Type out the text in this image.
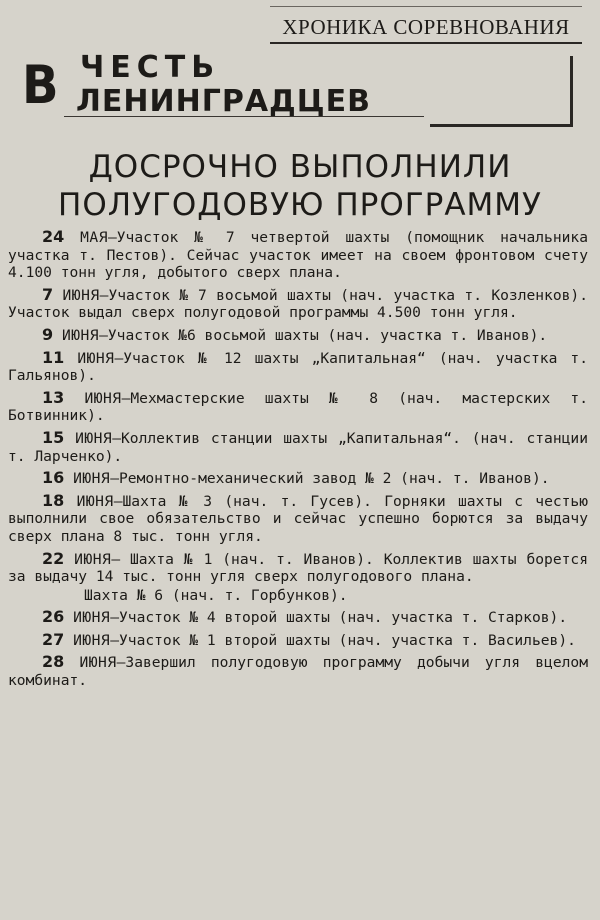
ХРОНИКА СОРЕВНОВАНИЯ
В ЧЕСТЬ
ЛЕНИНГРАДЦЕВ
ДОСРОЧНО ВЫПОЛНИЛИ
ПОЛУГОДОВУЮ ПРОГРАММУ

24 МАЯ—Участок № 7 четвертой шахты (помощник начальника участка т. Пестов). Сейчас участок имеет на своем фронтовом счету 4.100 тонн угля, добытого сверх плана.

7 ИЮНЯ—Участок № 7 восьмой шахты (нач. участка т. Козленков). Участок выдал сверх полугодовой программы 4.500 тонн угля.

9 ИЮНЯ—Участок №6 восьмой шахты (нач. участка т. Иванов).

11 ИЮНЯ—Участок № 12 шахты „Капитальная“ (нач. участка т. Гальянов).

13 ИЮНЯ—Мехмастерские шахты № 8 (нач. мастерских т. Ботвинник).

15 ИЮНЯ—Коллектив станции шахты „Капитальная“. (нач. станции т. Ларченко).

16 ИЮНЯ—Ремонтно-механический завод № 2 (нач. т. Иванов).

18 ИЮНЯ—Шахта № 3 (нач. т. Гусев). Горняки шахты с честью выполнили свое обязательство и сейчас успешно борются за выдачу сверх плана 8 тыс. тонн угля.

22 ИЮНЯ— Шахта № 1 (нач. т. Иванов). Коллектив шахты борется за выдачу 14 тыс. тонн угля сверх полугодового плана.

Шахта № 6 (нач. т. Горбунков).

26 ИЮНЯ—Участок № 4 второй шахты (нач. участка т. Старков).

27 ИЮНЯ—Участок № 1 второй шахты (нач. участка т. Васильев).

28 ИЮНЯ—Завершил полугодовую программу добычи угля вцелом комбинат.
